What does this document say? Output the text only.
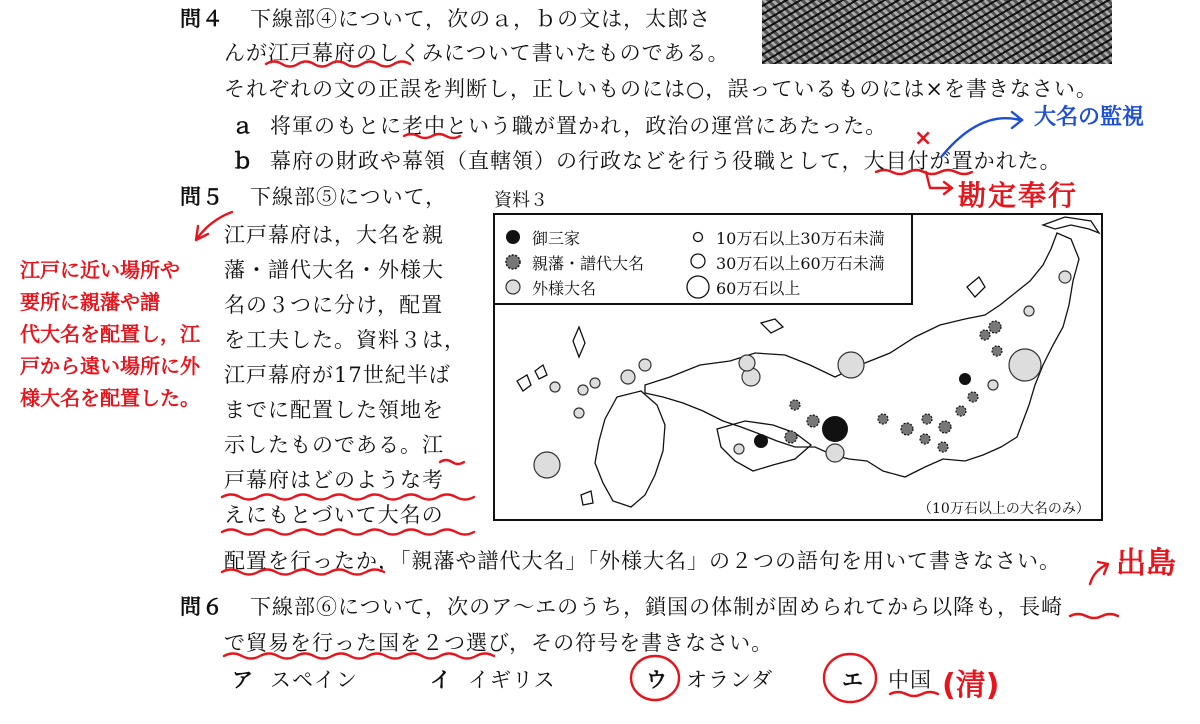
問４ 下線部④について，次のａ，ｂの文は，太郎さ
んが江戸幕府のしくみについて書いたものである。
それぞれの文の正誤を判断し，正しいものには○，誤っているものには×を書きなさい。
ａ 将軍のもとに老中という職が置かれ，政治の運営にあたった。
ｂ 幕府の財政や幕領（直轄領）の行政などを行う役職として，大目付が置かれた。
問５ 下線部⑤について，
江戸幕府は，大名を親
藩・譜代大名・外様大
名の３つに分け，配置
を工夫した。資料３は，
江戸幕府が17世紀半ば
までに配置した領地を
示したものである。江
戸幕府はどのような考
えにもとづいて大名の
配置を行ったか，「親藩や譜代大名」「外様大名」の２つの語句を用いて書きなさい。
資料３
御三家
親藩・譜代大名
外様大名
10万石以上30万石未満
30万石以上60万石未満
60万石以上
（10万石以上の大名のみ）
問６ 下線部⑥について，次のア～エのうち，鎖国の体制が固められてから以降も，長崎
で貿易を行った国を２つ選び，その符号を書きなさい。
ア スペイン	イ イギリス	ウ オランダ	エ 中国
×
大名の監視
勘定奉行
江戸に近い場所や
要所に親藩や譜
代大名を配置し，江
戸から遠い場所に外
様大名を配置した。
出島
(清)
